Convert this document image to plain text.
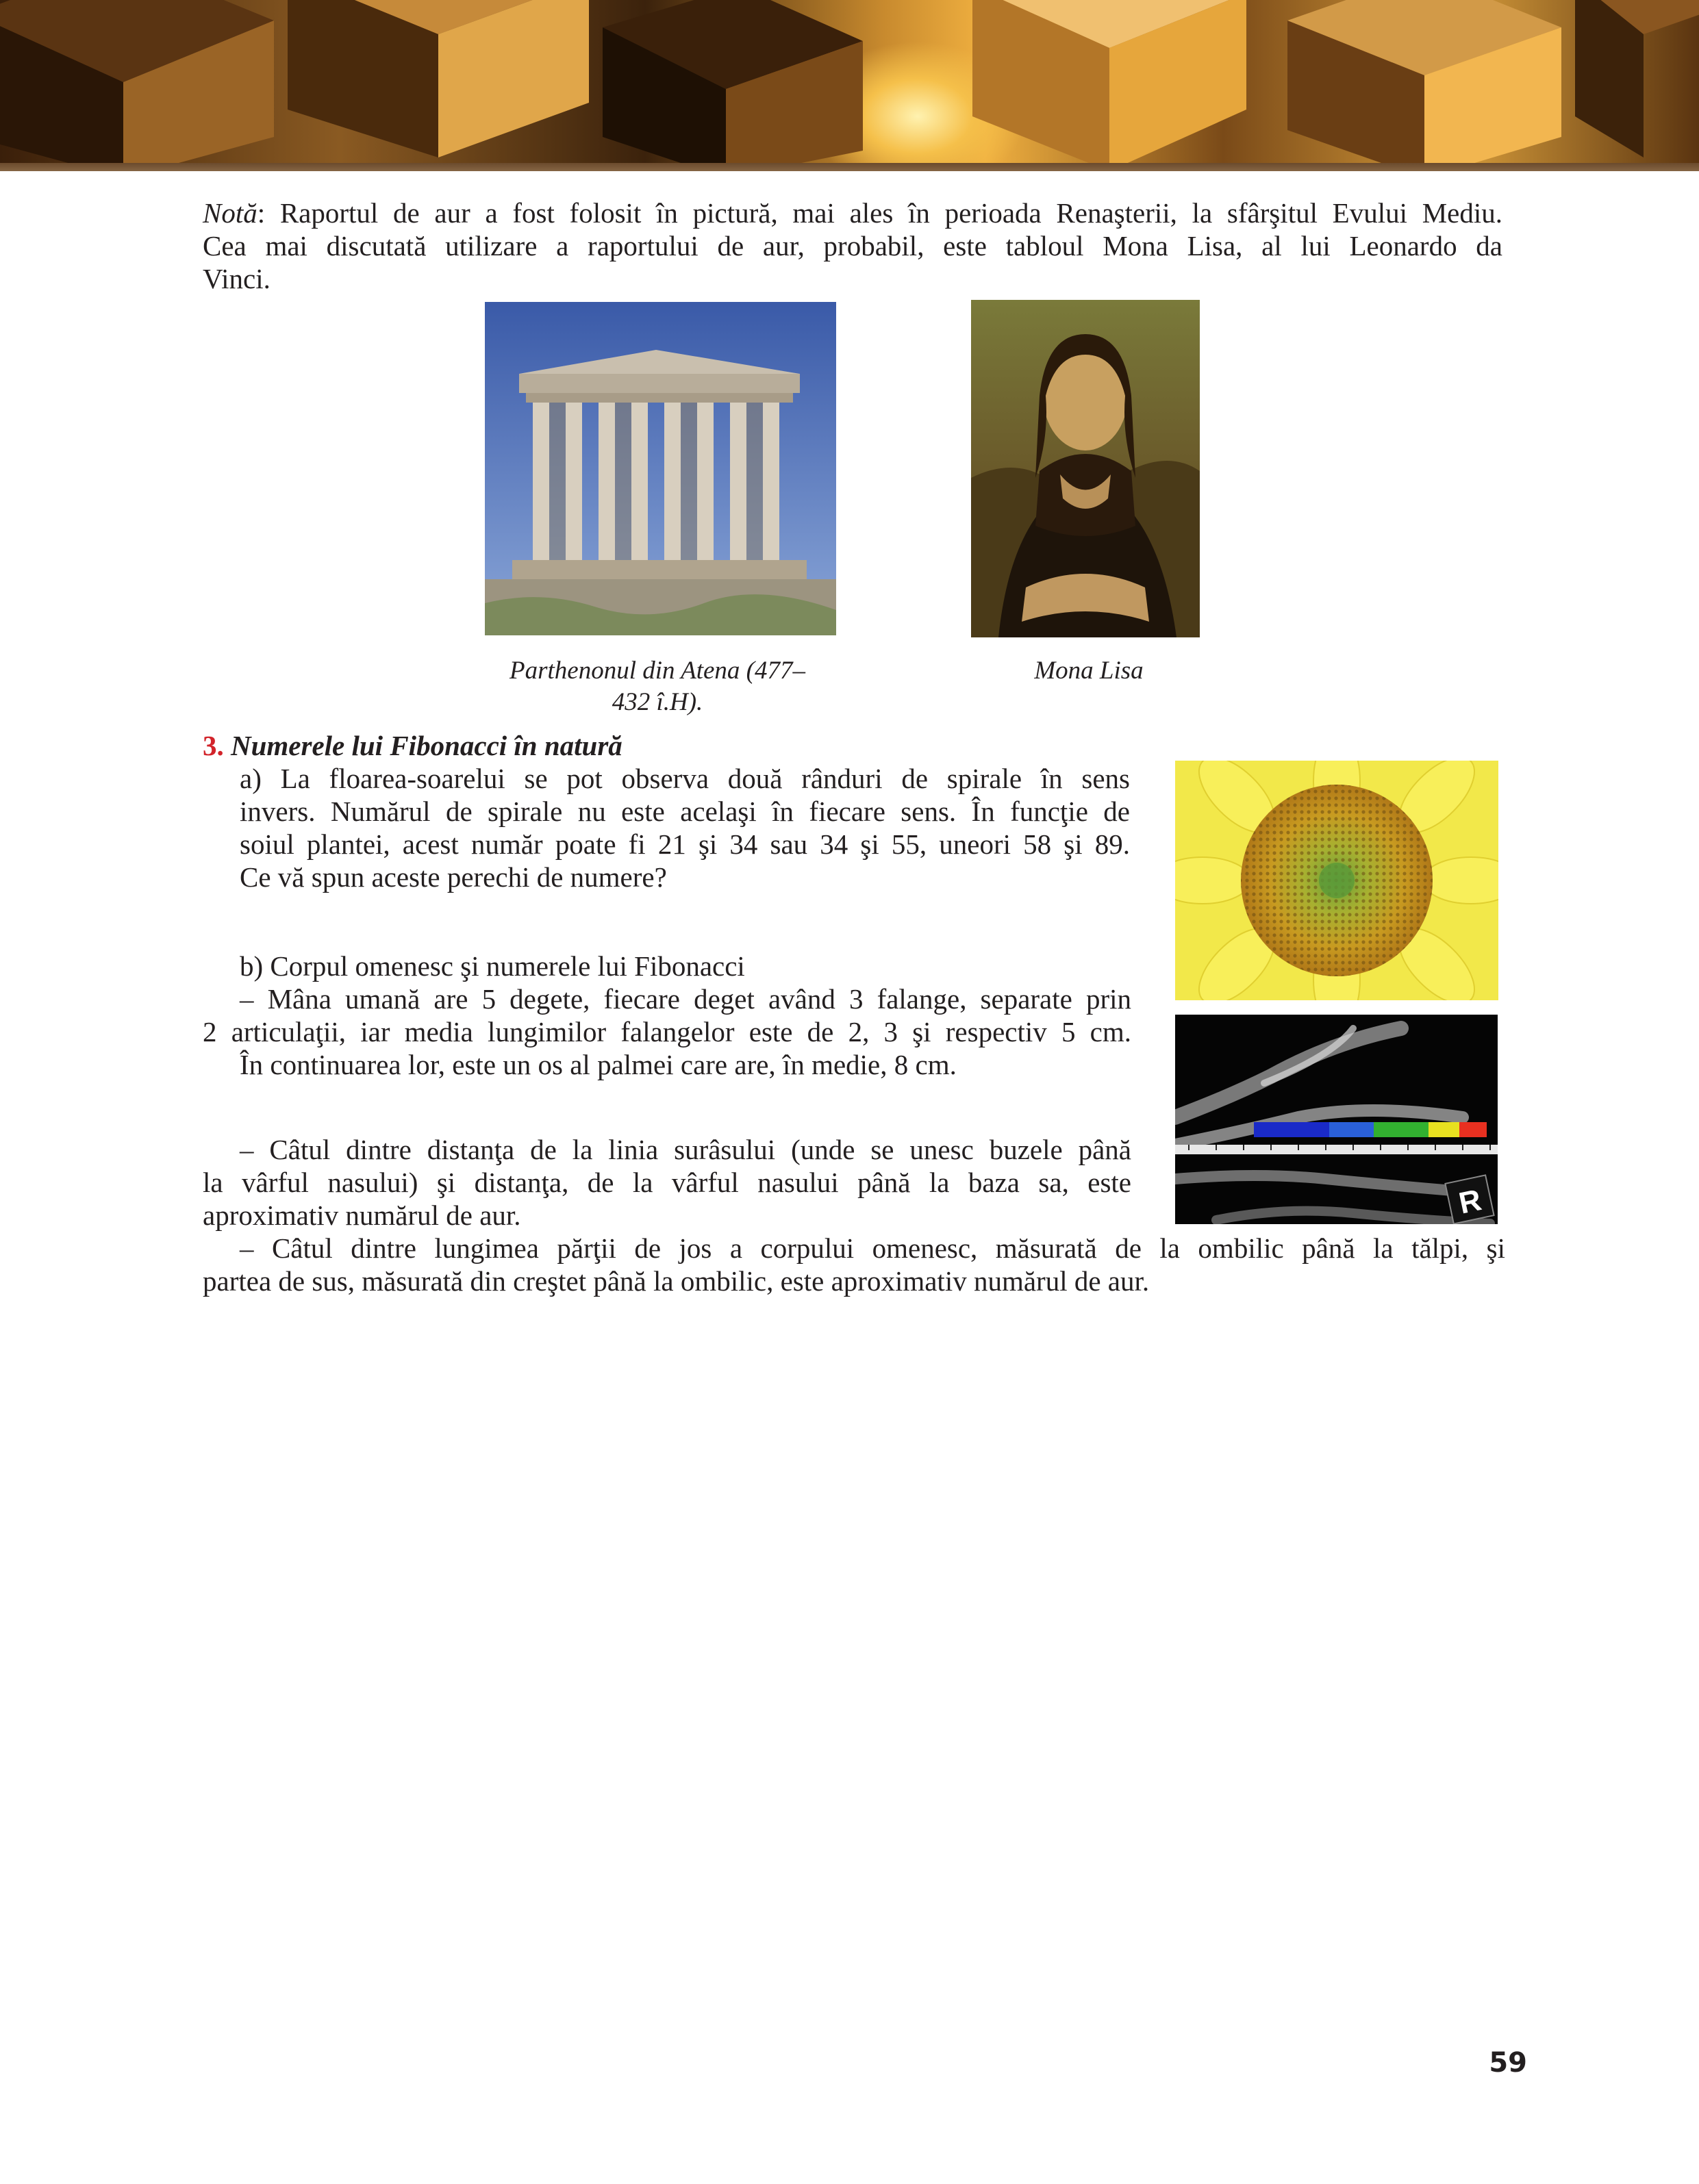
Notă: Raportul de aur a fost folosit în pictură, mai ales în perioada Renaşterii, la sfârşitul Evului Mediu.

Cea mai discutată utilizare a raportului de aur, probabil, este tabloul Mona Lisa, al lui Leonardo da

Vinci.

Parthenonul din Atena (477–
432 î.H).
Mona Lisa

3. Numerele lui Fibonacci în natură

a) La floarea-soarelui se pot observa două rânduri de spirale în sens

invers. Numărul de spirale nu este acelaşi în fiecare sens. În funcţie de

soiul plantei, acest număr poate fi 21 şi 34 sau 34 şi 55, uneori 58 şi 89.

Ce vă spun aceste perechi de numere?

b) Corpul omenesc şi numerele lui Fibonacci

– Mâna umană are 5 degete, fiecare deget având 3 falange, separate prin

2 articulaţii, iar media lungimilor falangelor este de 2, 3 şi respectiv 5 cm.

În continuarea lor, este un os al palmei care are, în medie, 8 cm.

R

– Câtul dintre distanţa de la linia surâsului (unde se unesc buzele până

la vârful nasului) şi distanţa, de la vârful nasului până la baza sa, este

aproximativ numărul de aur.

– Câtul dintre lungimea părţii de jos a corpului omenesc, măsurată de la ombilic până la tălpi, şi

partea de sus, măsurată din creştet până la ombilic, este aproximativ numărul de aur.

59
